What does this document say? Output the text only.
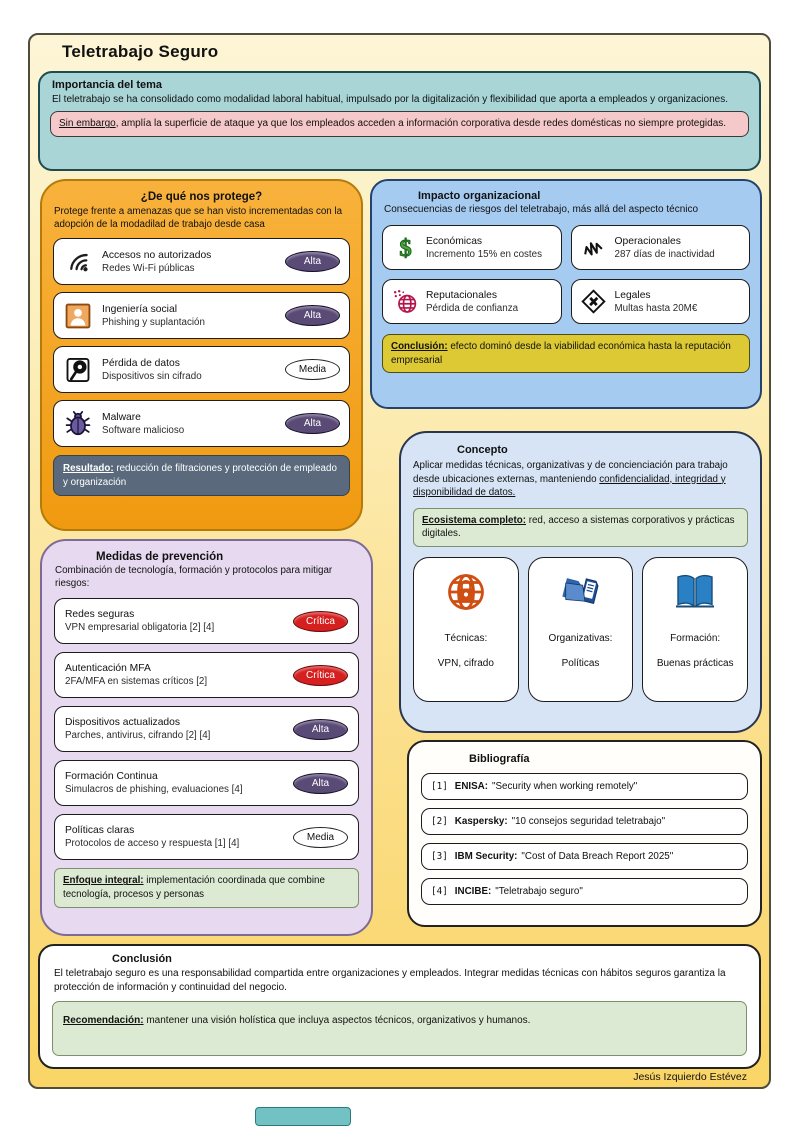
Teletrabajo Seguro
Importancia del tema
El teletrabajo se ha consolidado como modalidad laboral habitual, impulsado por la digitalización y flexibilidad que aporta a empleados y organizaciones.
Sin embargo, amplía la superficie de ataque ya que los empleados acceden a información corporativa desde redes domésticas no siempre protegidas.
¿De qué nos protege?
Protege frente a amenazas que se han visto incrementadas con la adopción de la modadilad de trabajo desde casa
Accesos no autorizados
Redes Wi-Fi públicas
Alta
Ingeniería social
Phishing y suplantación
Alta
Pérdida de datos
Dispositivos sin cifrado
Media
Malware
Software malicioso
Alta
Resultado: reducción de filtraciones y protección de empleado y organización
Impacto organizacional
Consecuencias de riesgos del teletrabajo, más allá del aspecto técnico
$ Económicas
Incremento 15% en costes
Operacionales
287 días de inactividad
Reputacionales
Pérdida de confianza
Legales
Multas hasta 20M€
Conclusión: efecto dominó desde la viabilidad económica hasta la reputación empresarial
Concepto
Aplicar medidas técnicas, organizativas y de concienciación para trabajo desde ubicaciones externas, manteniendo confidencialidad, integridad y disponibilidad de datos.
Ecosistema completo: red, acceso a sistemas corporativos y prácticas digitales.
Técnicas:
VPN, cifrado
Organizativas:
Políticas
Formación:
Buenas prácticas
Medidas de prevención
Combinación de tecnología, formación y protocolos para mitigar riesgos:
Redes seguras
VPN empresarial obligatoria [2] [4]
Crítica
Autenticación MFA
2FA/MFA en sistemas críticos [2]
Crítica
Dispositivos actualizados
Parches, antivirus, cifrando [2] [4]
Alta
Formación Continua
Simulacros de phishing, evaluaciones [4]
Alta
Políticas claras
Protocolos de acceso y respuesta [1] [4]
Media
Enfoque integral: implementación coordinada que combine tecnología, procesos y personas
Bibliografía
[1] ENISA: "Security when working remotely"
[2] Kaspersky: "10 consejos seguridad teletrabajo"
[3] IBM Security: "Cost of Data Breach Report 2025"
[4] INCIBE: "Teletrabajo seguro"
Conclusión
El teletrabajo seguro es una responsabilidad compartida entre organizaciones y empleados. Integrar medidas técnicas con hábitos seguros garantiza la protección de información y continuidad del negocio.
Recomendación: mantener una visión holística que incluya aspectos técnicos, organizativos y humanos.
Jesús Izquierdo Estévez
